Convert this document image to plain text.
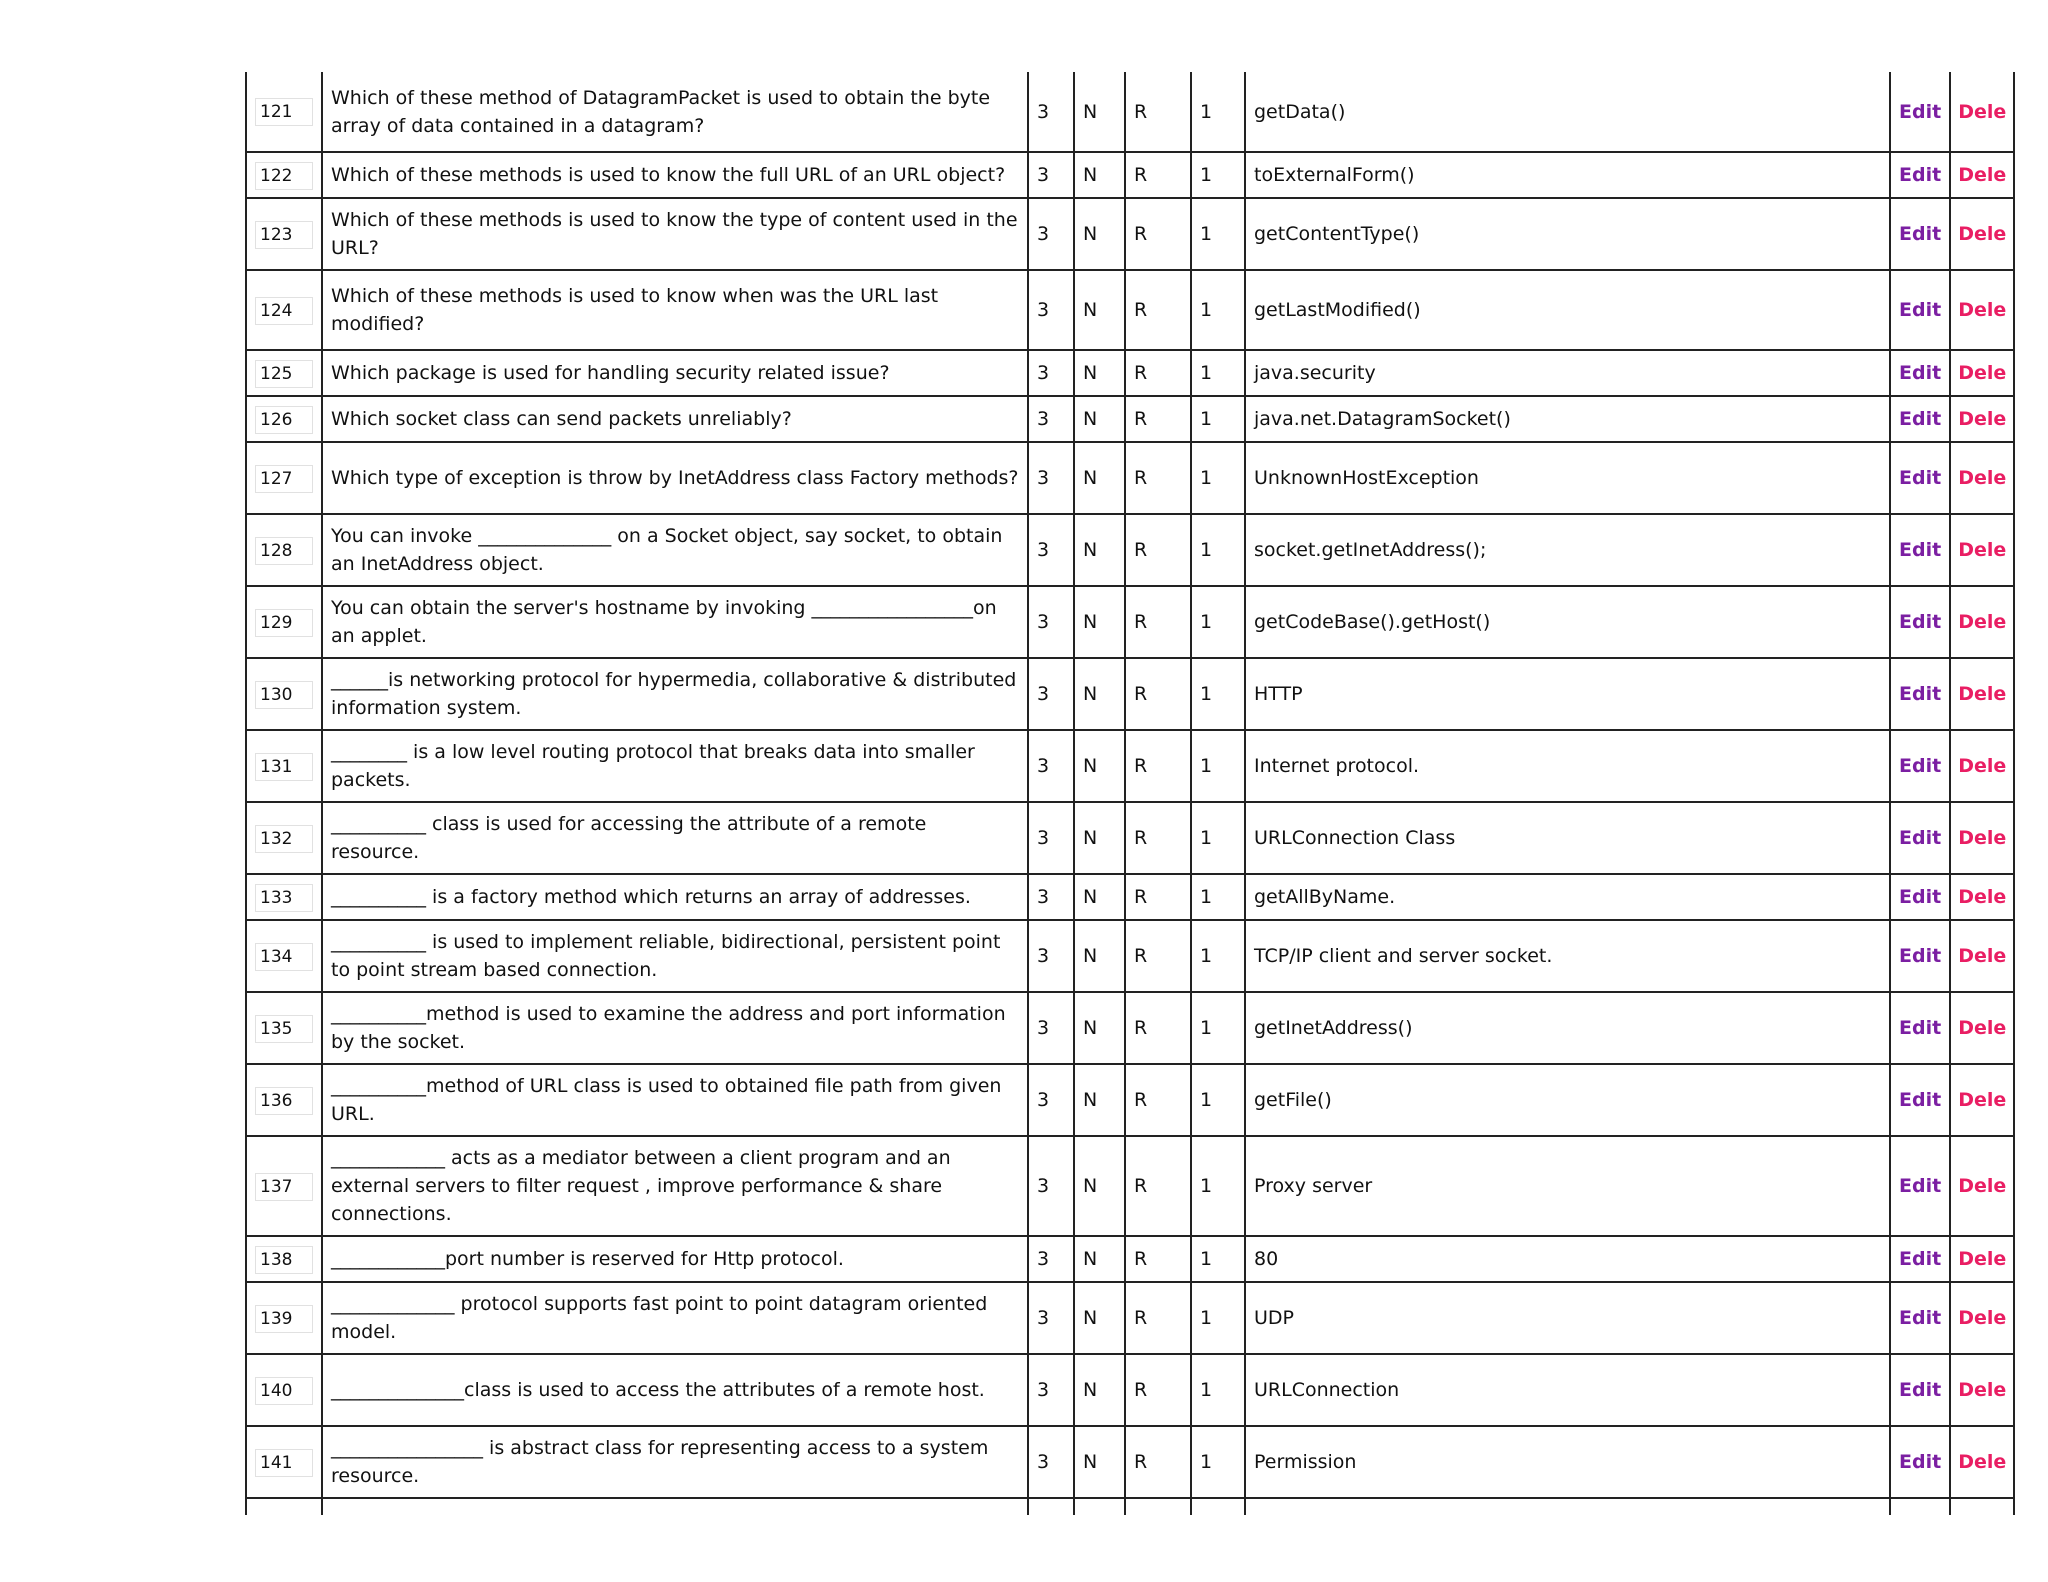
121	Which of these method of DatagramPacket is used to obtain the byte array of data contained in a datagram?	3	N	R	1	getData()	Edit	Dele
122	Which of these methods is used to know the full URL of an URL object?	3	N	R	1	toExternalForm()	Edit	Dele
123	Which of these methods is used to know the type of content used in the URL?	3	N	R	1	getContentType()	Edit	Dele
124	Which of these methods is used to know when was the URL last modified?	3	N	R	1	getLastModified()	Edit	Dele
125	Which package is used for handling security related issue?	3	N	R	1	java.security	Edit	Dele
126	Which socket class can send packets unreliably?	3	N	R	1	java.net.DatagramSocket()	Edit	Dele
127	Which type of exception is throw by InetAddress class Factory methods?	3	N	R	1	UnknownHostException	Edit	Dele
128	You can invoke ______________ on a Socket object, say socket, to obtain an InetAddress object.	3	N	R	1	socket.getInetAddress();	Edit	Dele
129	You can obtain the server's hostname by invoking _________________on an applet.	3	N	R	1	getCodeBase().getHost()	Edit	Dele
130	______is networking protocol for hypermedia, collaborative & distributed information system.	3	N	R	1	HTTP	Edit	Dele
131	________ is a low level routing protocol that breaks data into smaller packets.	3	N	R	1	Internet protocol.	Edit	Dele
132	__________ class is used for accessing the attribute of a remote resource.	3	N	R	1	URLConnection Class	Edit	Dele
133	__________ is a factory method which returns an array of addresses.	3	N	R	1	getAllByName.	Edit	Dele
134	__________ is used to implement reliable, bidirectional, persistent point to point stream based connection.	3	N	R	1	TCP/IP client and server socket.	Edit	Dele
135	__________method is used to examine the address and port information by the socket.	3	N	R	1	getInetAddress()	Edit	Dele
136	__________method of URL class is used to obtained file path from given URL.	3	N	R	1	getFile()	Edit	Dele
137	____________ acts as a mediator between a client program and an external servers to filter request , improve performance & share connections.	3	N	R	1	Proxy server	Edit	Dele
138	____________port number is reserved for Http protocol.	3	N	R	1	80	Edit	Dele
139	_____________ protocol supports fast point to point datagram oriented model.	3	N	R	1	UDP	Edit	Dele
140	______________class is used to access the attributes of a remote host.	3	N	R	1	URLConnection	Edit	Dele
141	________________ is abstract class for representing access to a system resource.	3	N	R	1	Permission	Edit	Dele
